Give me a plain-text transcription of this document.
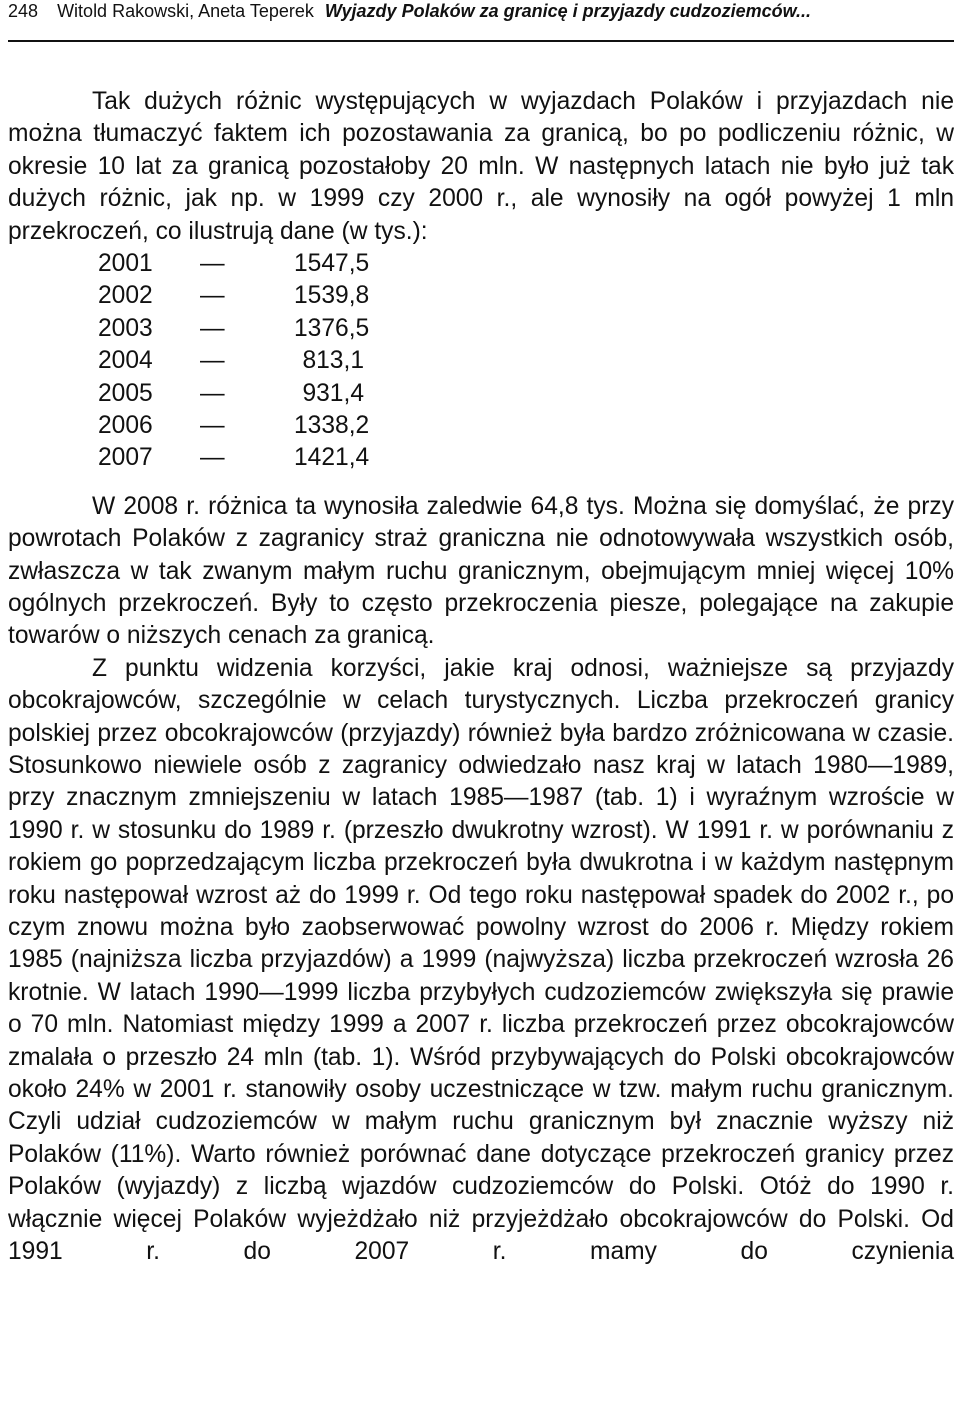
248 Witold Rakowski, Aneta Teperek Wyjazdy Polaków za granicę i przyjazdy cudzoziemców...

Tak dużych różnic występujących w wyjazdach Polaków i przyjazdach nie można tłumaczyć faktem ich pozostawania za granicą, bo po podliczeniu różnic, w okresie 10 lat za granicą pozostałoby 20 mln. W następnych latach nie było już tak dużych różnic, jak np. w 1999 czy 2000 r., ale wynosiły na ogół powyżej 1 mln przekroczeń, co ilustrują dane (w tys.):

2001	—	1547,5
2002	—	1539,8
2003	—	1376,5
2004	—	813,1
2005	—	931,4
2006	—	1338,2
2007	—	1421,4

W 2008 r. różnica ta wynosiła zaledwie 64,8 tys. Można się domyślać, że przy powrotach Polaków z zagranicy straż graniczna nie odnotowywała wszystkich osób, zwłaszcza w tak zwanym małym ruchu granicznym, obejmującym mniej więcej 10% ogólnych przekroczeń. Były to często przekroczenia piesze, polegające na zakupie towarów o niższych cenach za granicą.

Z punktu widzenia korzyści, jakie kraj odnosi, ważniejsze są przyjazdy obcokrajowców, szczególnie w celach turystycznych. Liczba przekroczeń granicy polskiej przez obcokrajowców (przyjazdy) również była bardzo zróżnicowana w czasie. Stosunkowo niewiele osób z zagranicy odwiedzało nasz kraj w latach 1980—1989, przy znacznym zmniejszeniu w latach 1985—1987 (tab. 1) i wyraźnym wzroście w 1990 r. w stosunku do 1989 r. (przeszło dwukrotny wzrost). W 1991 r. w porównaniu z rokiem go poprzedzającym liczba przekroczeń była dwukrotna i w każdym następnym roku następował wzrost aż do 1999 r. Od tego roku następował spadek do 2002 r., po czym znowu można było zaobserwować powolny wzrost do 2006 r. Między rokiem 1985 (najniższa liczba przyjazdów) a 1999 (najwyższa) liczba przekroczeń wzrosła 26 krotnie. W latach 1990—1999 liczba przybyłych cudzoziemców zwiększyła się prawie o 70 mln. Natomiast między 1999 a 2007 r. liczba przekroczeń przez obcokrajowców zmalała o przeszło 24 mln (tab. 1). Wśród przybywających do Polski obcokrajowców około 24% w 2001 r. stanowiły osoby uczestniczące w tzw. małym ruchu granicznym. Czyli udział cudzoziemców w małym ruchu granicznym był znacznie wyższy niż Polaków (11%). Warto również porównać dane dotyczące przekroczeń granicy przez Polaków (wyjazdy) z liczbą wjazdów cudzoziemców do Polski. Otóż do 1990 r. włącznie więcej Polaków wyjeżdżało niż przyjeżdżało obcokrajowców do Polski. Od 1991 r. do 2007 r. mamy do czynienia
